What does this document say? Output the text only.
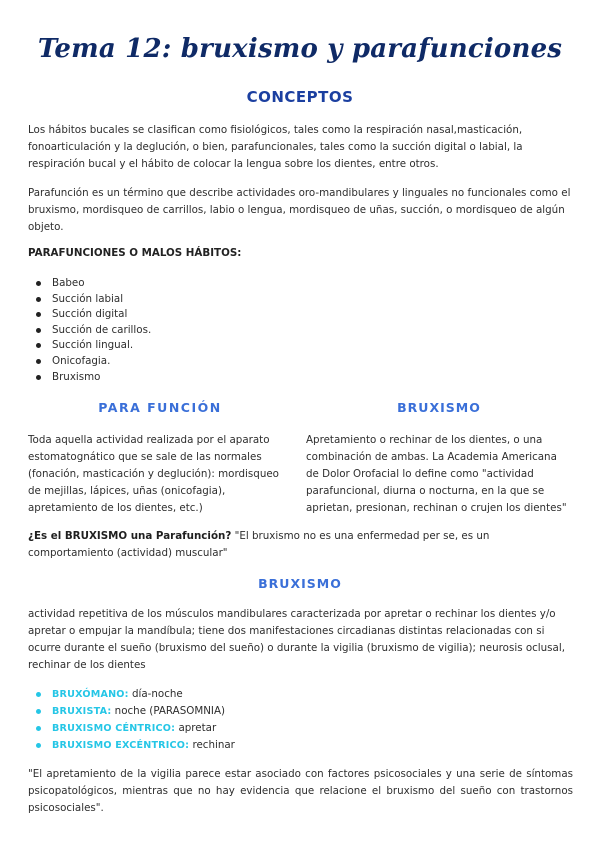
Tema 12: bruxismo y parafunciones
CONCEPTOS
Los hábitos bucales se clasifican como fisiológicos, tales como la respiración nasal,masticación, fonoarticulación y la deglución, o bien, parafuncionales, tales como la succión digital o labial, la respiración bucal y el hábito de colocar la lengua sobre los dientes, entre otros.
Parafunción es un término que describe actividades oro-mandibulares y linguales no funcionales como el bruxismo, mordisqueo de carrillos, labio o lengua, mordisqueo de uñas, succión, o mordisqueo de algún objeto.
PARAFUNCIONES O MALOS HÁBITOS:
Babeo
Succión labial
Succión digital
Succión de carillos.
Succión lingual.
Onicofagia.
Bruxismo
PARA FUNCIÓN	BRUXISMO
Toda aquella actividad realizada por el aparato estomatognático que se sale de las normales (fonación, masticación y deglución): mordisqueo de mejillas, lápices, uñas (onicofagia), apretamiento de los dientes, etc.)
Apretamiento o rechinar de los dientes, o una combinación de ambas. La Academia Americana de Dolor Orofacial lo define como "actividad parafuncional, diurna o nocturna, en la que se aprietan, presionan, rechinan o crujen los dientes"
¿Es el BRUXISMO una Parafunción? "El bruxismo no es una enfermedad per se, es un comportamiento (actividad) muscular"
BRUXISMO
actividad repetitiva de los músculos mandibulares caracterizada por apretar o rechinar los dientes y/o apretar o empujar la mandíbula; tiene dos manifestaciones circadianas distintas relacionadas con si ocurre durante el sueño (bruxismo del sueño) o durante la vigilia (bruxismo de vigilia); neurosis oclusal, rechinar de los dientes
BRUXÓMANO: día-noche
BRUXISTA: noche (PARASOMNIA)
BRUXISMO CÉNTRICO: apretar
BRUXISMO EXCÉNTRICO: rechinar
"El apretamiento de la vigilia parece estar asociado con factores psicosociales y una serie de síntomas psicopatológicos, mientras que no hay evidencia que relacione el bruxismo del sueño con trastornos psicosociales".
